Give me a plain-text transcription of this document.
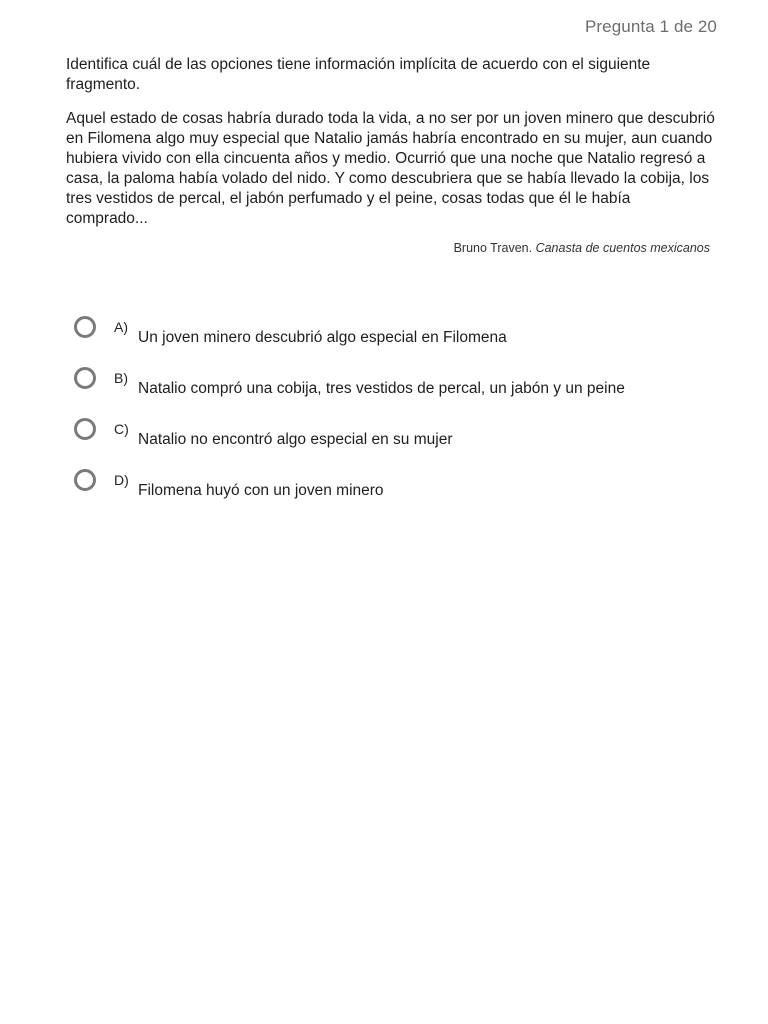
Pregunta 1 de 20

Identifica cuál de las opciones tiene información implícita de acuerdo con el siguiente fragmento.

Aquel estado de cosas habría durado toda la vida, a no ser por un joven minero que descubrió en Filomena algo muy especial que Natalio jamás habría encontrado en su mujer, aun cuando hubiera vivido con ella cincuenta años y medio. Ocurrió que una noche que Natalio regresó a casa, la paloma había volado del nido. Y como descubriera que se había llevado la cobija, los tres vestidos de percal, el jabón perfumado y el peine, cosas todas que él le había comprado...

Bruno Traven. Canasta de cuentos mexicanos
A)
Un joven minero descubrió algo especial en Filomena
B)
Natalio compró una cobija, tres vestidos de percal, un jabón y un peine
C)
Natalio no encontró algo especial en su mujer
D)
Filomena huyó con un joven minero
